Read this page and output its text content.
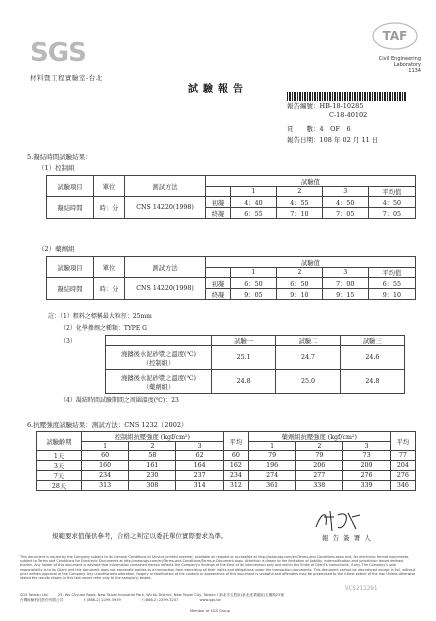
SGS
材料暨工程實驗室-台北
TAF
Civil Engineering
Laboratory
1134
試驗報告
報告編號：HB-18-10285
C-18-40102
頁　　數：4　OF　6
報告日期：108 年 02 月 11 日
5.凝結時間試驗結果：
（1）控制組
試驗項目	單位	測試方法	試驗值				
				1	2	3	平均值
凝結時間	時：分	CNS 14220(1998)	初凝	4：40	4：55	4：50	4：50
			終凝	6：55	7：10	7：05	7：05
（2）藥劑組
試驗項目	單位	測試方法	試驗值				
				1	2	3	平均值
凝結時間	時：分	CNS 14220(1998)	初凝	6：50	6：50	7：00	6：55
			終凝	9：05	9：10	9：15	9：10
註：（1）粗料之標稱最大粒徑：25mm
（2）化學摻劑之種類：TYPE G
（3）
		試驗一	試驗二	試驗三

澆鑄後水泥砂漿之溫度(℃)
（控制組）	25.1	24.7	24.6

澆鑄後水泥砂漿之溫度(℃)
（藥劑組）	24.8	25.0	24.8
（4）凝結時間試驗期間之周圍溫度(℃)：23
6.抗壓強度試驗結果：測試方法：CNS 1232（2002）
試驗齡期	控制組抗壓強度 (kgf/cm²)			平均	藥劑組抗壓強度 (kgf/cm²)			平均
	1	2	3		1	2	3	
1天	60	58	62	60	79	79	73	77
3天	160	161	164	162	196	206	209	204
7天	234	230	237	234	274	277	276	276
28天	313	308	314	312	361	338	339	346
規範要求值僅供參考，合格之判定以委託單位實際要求為準。	報 告 簽 署 人
This document is issued by the Company subject to its General Conditions of Service printed overleaf, available on request or accessible at http://www.sgs.com/en/Terms-and-Conditions.aspx and, for electronic format documents, subject to Terms and Conditions for Electronic Documents at http://www.sgs.com/en/Terms-and-Conditions/Terms-e-Document.aspx. Attention is drawn to the limitation of liability, indemnification and jurisdiction issues defined therein. Any holder of this document is advised that information contained hereon reflects the Company's findings at the time of its intervention only and within the limits of Client's instructions, if any. The Company's sole responsibility is to its Client and this document does not exonerate parties to a transaction from exercising all their rights and obligations under the transaction documents. This document cannot be reproduced except in full, without prior written approval of the Company. Any unauthorized alteration, forgery or falsification of the content or appearance of this document is unlawful and offenders may be prosecuted to the fullest extent of the law. Unless otherwise stated the results shown in this test report refer only to the sample(s) tested.
SGS Taiwan Ltd.	25, Wu Chyuan Road, New Taipei Industrial Park, Wu Ku District, New Taipei City, Taiwan / 新北市五股區(新北產業園區)五權路25號
台灣檢驗科技股份有限公司	t (886-2) 2299-3939	f (886-2) 2299-3237	www.sgs.tw
Member of SGS Group
VC5211291
